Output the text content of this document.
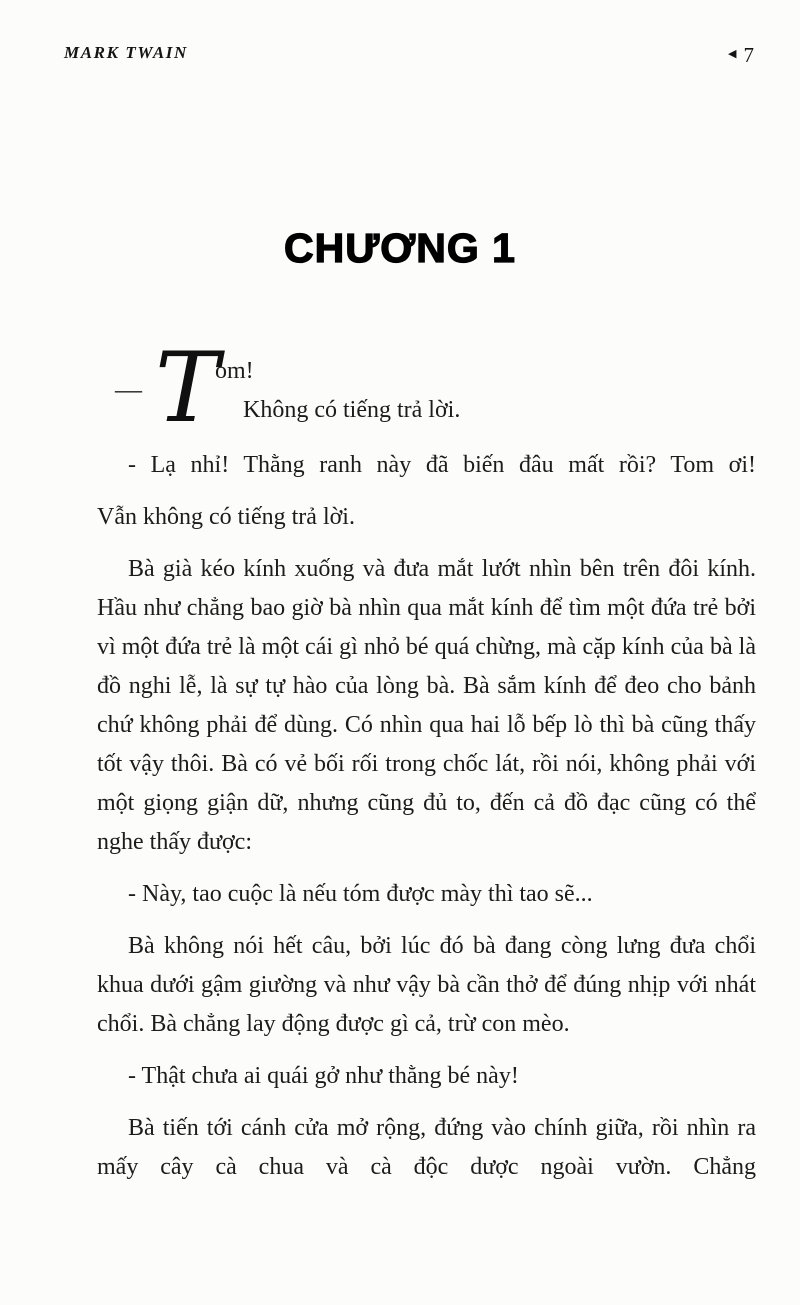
MARK TWAIN	◀ 7
CHƯƠNG 1
— T
om!
Không có tiếng trả lời.
- Lạ nhỉ! Thằng ranh này đã biến đâu mất rồi? Tom ơi!
Vẫn không có tiếng trả lời.
Bà già kéo kính xuống và đưa mắt lướt nhìn bên trên đôi kính. Hầu như chẳng bao giờ bà nhìn qua mắt kính để tìm một đứa trẻ bởi vì một đứa trẻ là một cái gì nhỏ bé quá chừng, mà cặp kính của bà là đồ nghi lễ, là sự tự hào của lòng bà. Bà sắm kính để đeo cho bảnh chứ không phải để dùng. Có nhìn qua hai lỗ bếp lò thì bà cũng thấy tốt vậy thôi. Bà có vẻ bối rối trong chốc lát, rồi nói, không phải với một giọng giận dữ, nhưng cũng đủ to, đến cả đồ đạc cũng có thể nghe thấy được:
- Này, tao cuộc là nếu tóm được mày thì tao sẽ...
Bà không nói hết câu, bởi lúc đó bà đang còng lưng đưa chổi khua dưới gậm giường và như vậy bà cần thở để đúng nhịp với nhát chổi. Bà chẳng lay động được gì cả, trừ con mèo.
- Thật chưa ai quái gở như thằng bé này!
Bà tiến tới cánh cửa mở rộng, đứng vào chính giữa, rồi nhìn ra mấy cây cà chua và cà độc dược ngoài vườn. Chẳng
